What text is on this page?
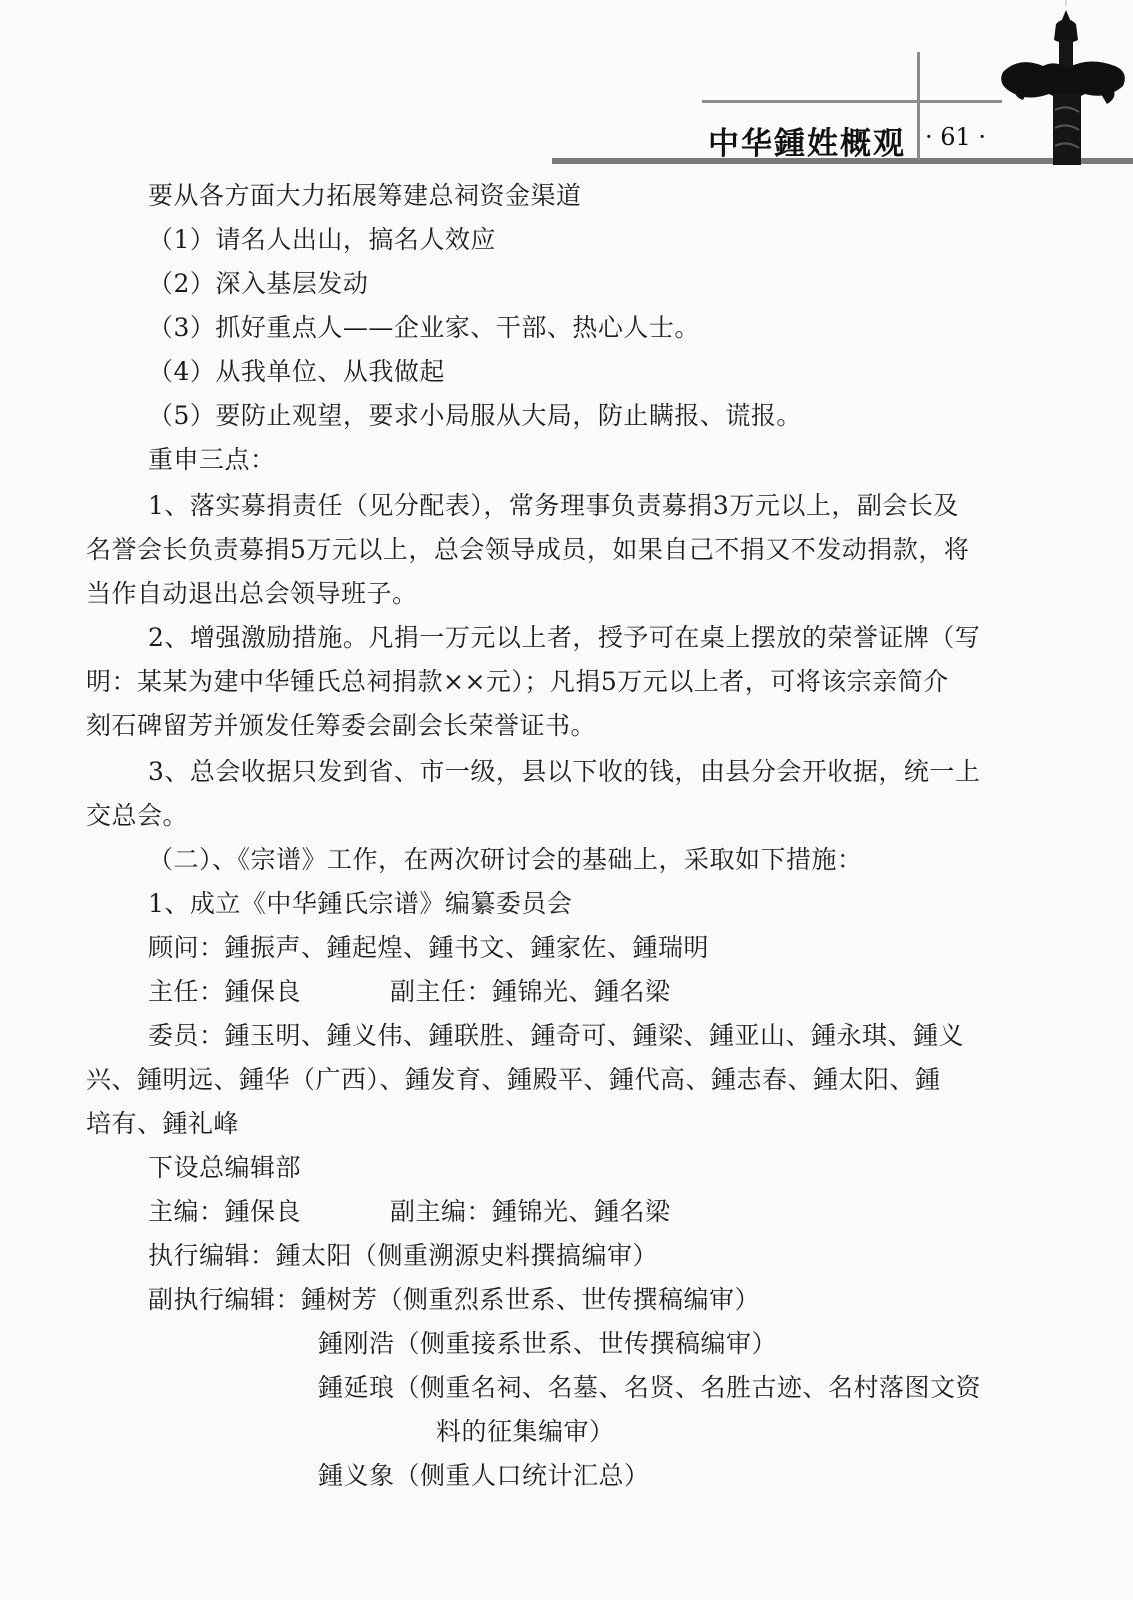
中华鍾姓概观 · 61 ·
要从各方面大力拓展筹建总祠资金渠道
（1）请名人出山，搞名人效应
（2）深入基层发动
（3）抓好重点人——企业家、干部、热心人士。
（4）从我单位、从我做起
（5）要防止观望，要求小局服从大局，防止瞒报、谎报。
重申三点：
1、落实募捐责任（见分配表），常务理事负责募捐3万元以上，副会长及
名誉会长负责募捐5万元以上，总会领导成员，如果自己不捐又不发动捐款，将
当作自动退出总会领导班子。
2、增强激励措施。凡捐一万元以上者，授予可在桌上摆放的荣誉证牌（写
明：某某为建中华锺氏总祠捐款××元）；凡捐5万元以上者，可将该宗亲简介
刻石碑留芳并颁发任筹委会副会长荣誉证书。
3、总会收据只发到省、市一级，县以下收的钱，由县分会开收据，统一上
交总会。
（二）、《宗谱》工作，在两次研讨会的基础上，采取如下措施：
1、成立《中华鍾氏宗谱》编纂委员会
顾问：鍾振声、鍾起煌、鍾书文、鍾家佐、鍾瑞明
主任：鍾保良	副主任：鍾锦光、鍾名梁
委员：鍾玉明、鍾义伟、鍾联胜、鍾奇可、鍾梁、鍾亚山、鍾永琪、鍾义
兴、鍾明远、鍾华（广西）、鍾发育、鍾殿平、鍾代高、鍾志春、鍾太阳、鍾
培有、鍾礼峰
下设总编辑部
主编：鍾保良	副主编：鍾锦光、鍾名梁
执行编辑：鍾太阳（侧重溯源史料撰搞编审）
副执行编辑：鍾树芳（侧重烈系世系、世传撰稿编审）
鍾刚浩（侧重接系世系、世传撰稿编审）
鍾延琅（侧重名祠、名墓、名贤、名胜古迹、名村落图文资
料的征集编审）
鍾义象（侧重人口统计汇总）
